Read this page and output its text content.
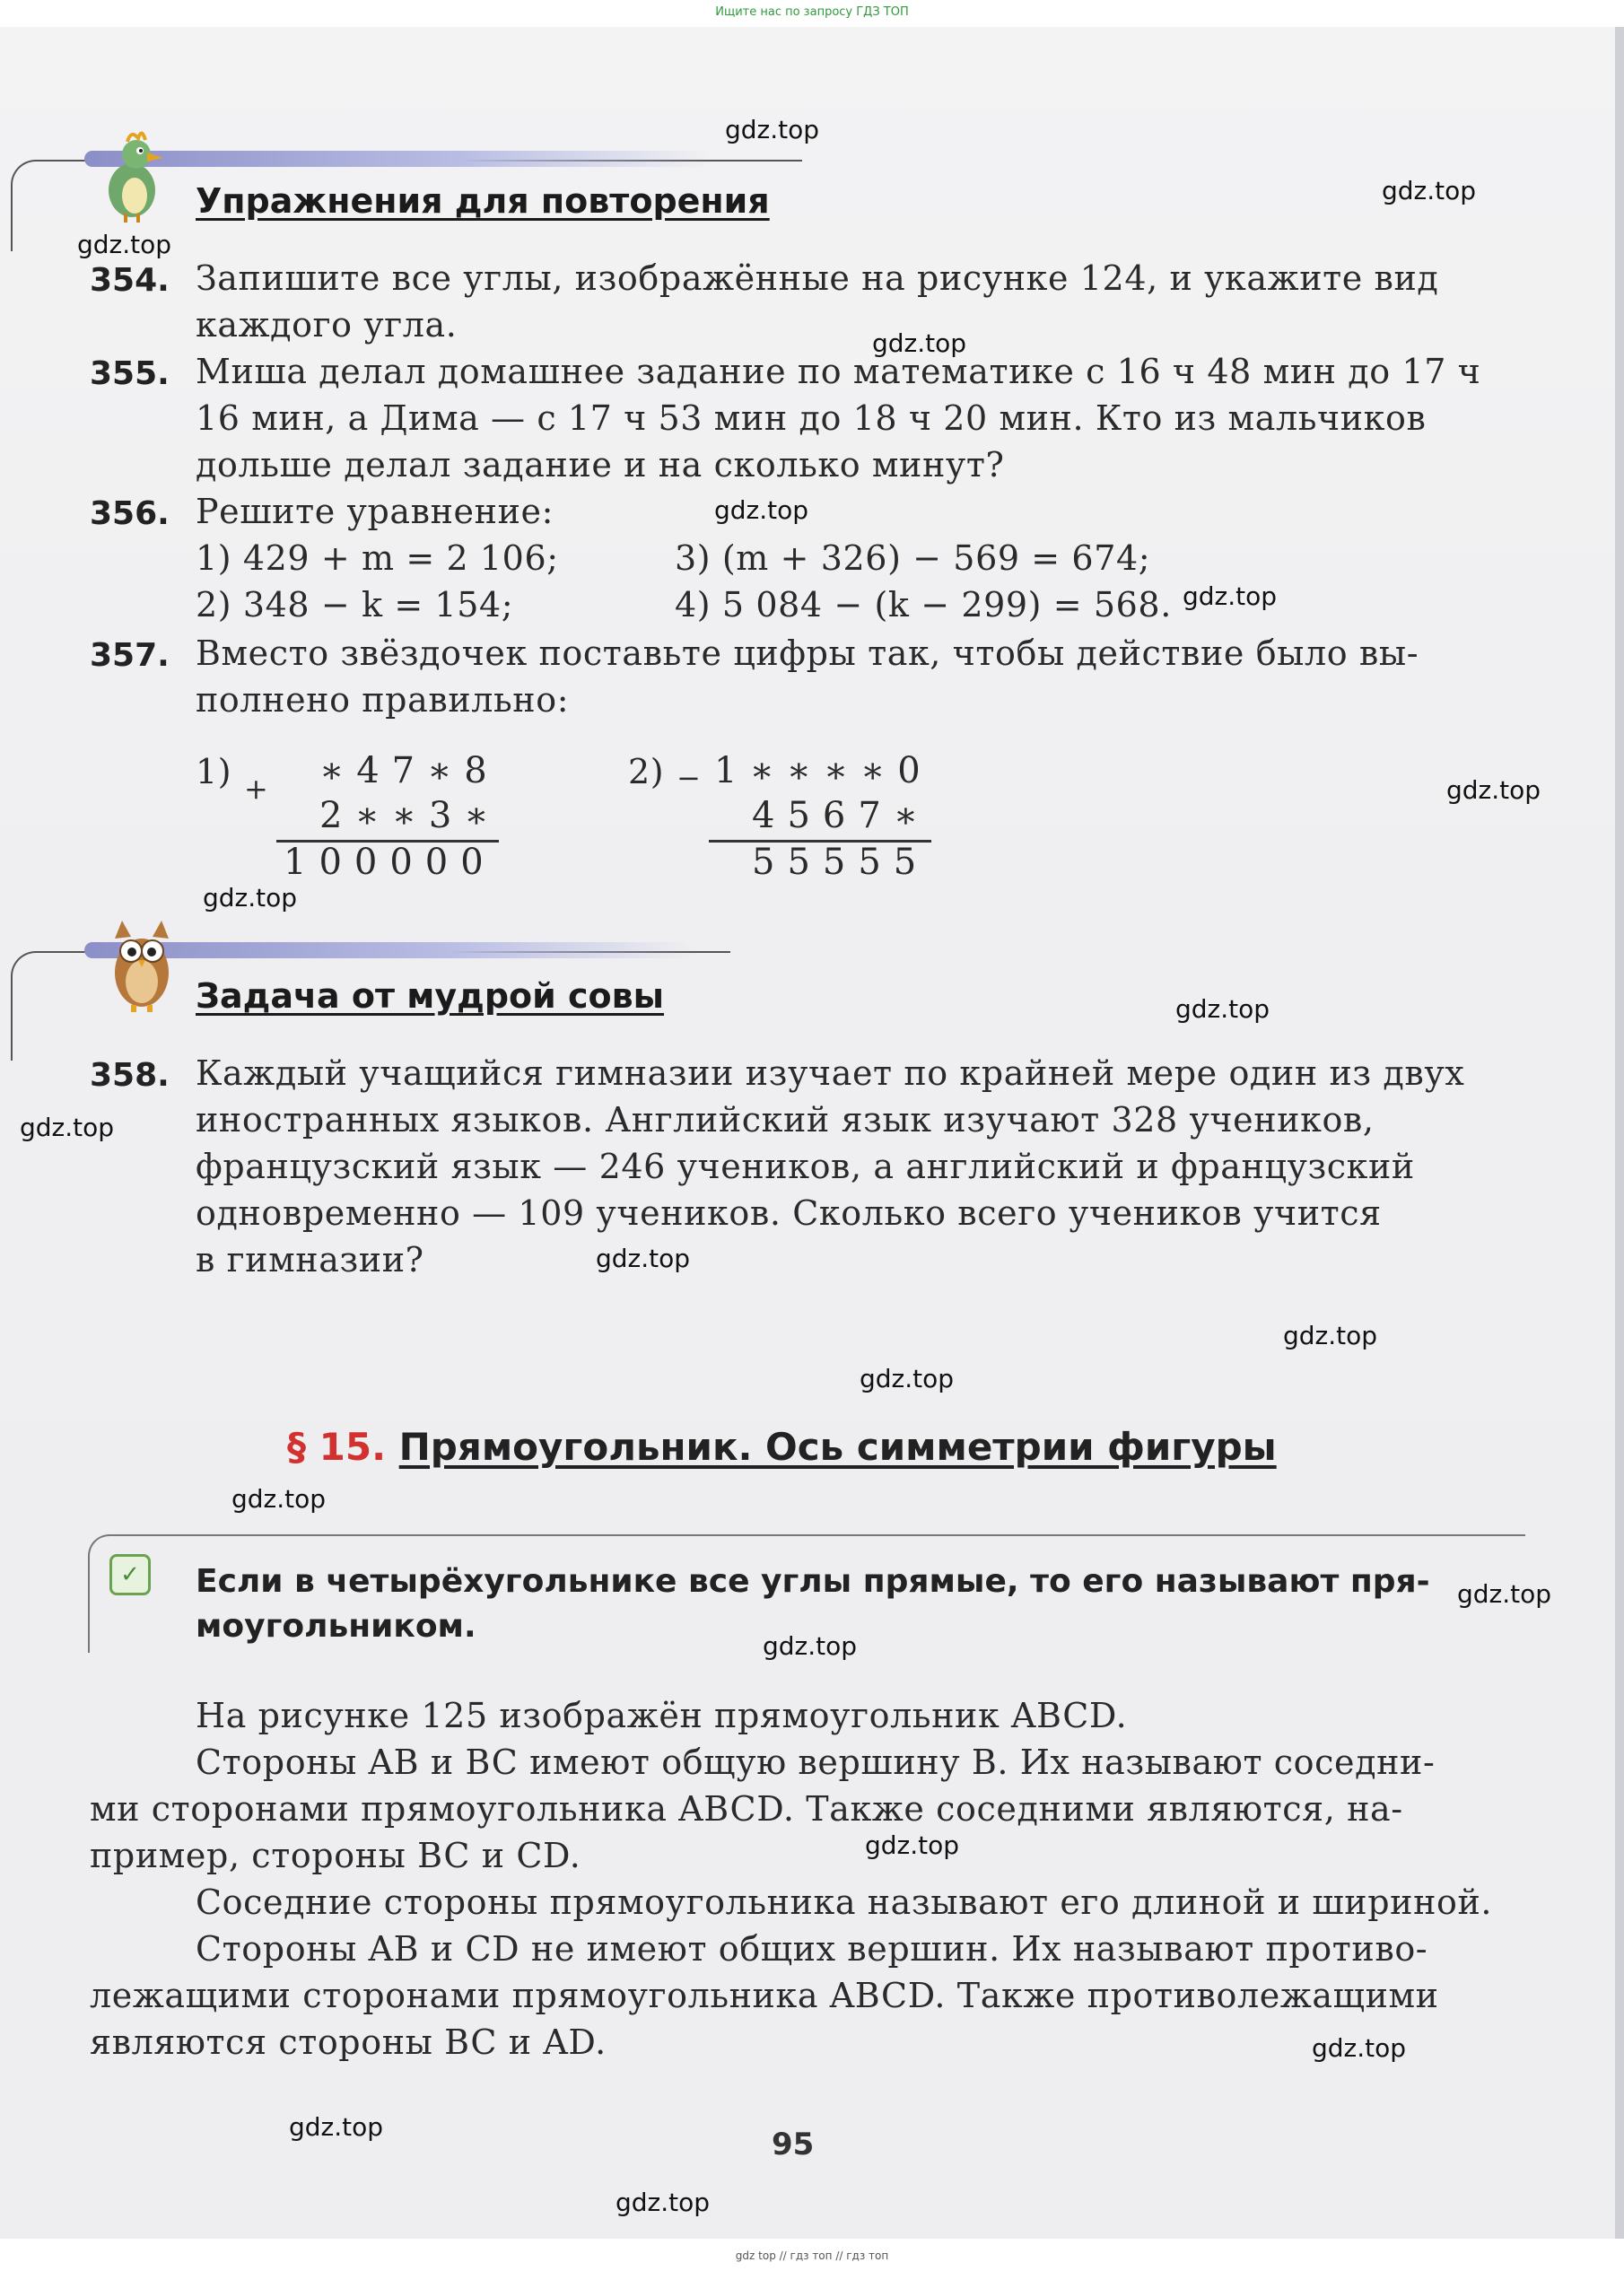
Ищите нас по запросу ГДЗ ТОП
Упражнения для повторения
354. Запишите все углы, изображённые на рисунке 124, и укажите вид
каждого угла.
355. Миша делал домашнее задание по математике с 16 ч 48 мин до 17 ч
16 мин, а Дима — с 17 ч 53 мин до 18 ч 20 мин. Кто из мальчиков
дольше делал задание и на сколько минут?
356. Решите уравнение:
1) 429 + m = 2 106;
2) 348 − k = 154;
3) (m + 326) − 569 = 674;
4) 5 084 − (k − 299) = 568.
357. Вместо звёздочек поставьте цифры так, чтобы действие было вы-
полнено правильно:
1) + ∗47∗8
2∗∗3∗
100000
2) − 1∗∗∗∗0
4567∗
55555
Задача от мудрой совы
358. Каждый учащийся гимназии изучает по крайней мере один из двух
иностранных языков. Английский язык изучают 328 учеников,
французский язык — 246 учеников, а английский и французский
одновременно — 109 учеников. Сколько всего учеников учится
в гимназии?
§ 15. Прямоугольник. Ось симметрии фигуры
✓	Если в четырёхугольнике все углы прямые, то его называют пря-
моугольником.
На рисунке 125 изображён прямоугольник ABCD.
Стороны AB и BC имеют общую вершину B. Их называют соседни-
ми сторонами прямоугольника ABCD. Также соседними являются, на-
пример, стороны BC и CD.
Соседние стороны прямоугольника называют его длиной и шириной.
Стороны AB и CD не имеют общих вершин. Их называют противо-
лежащими сторонами прямоугольника ABCD. Также противолежащими
являются стороны BC и AD.
95
gdz.top
gdz.top
gdz.top
gdz.top
gdz.top
gdz.top
gdz.top
gdz.top
gdz.top
gdz.top
gdz.top
gdz.top
gdz.top
gdz.top
gdz.top
gdz.top
gdz.top
gdz.top
gdz.top
gdz.top
gdz top // гдз топ // гдз топ
